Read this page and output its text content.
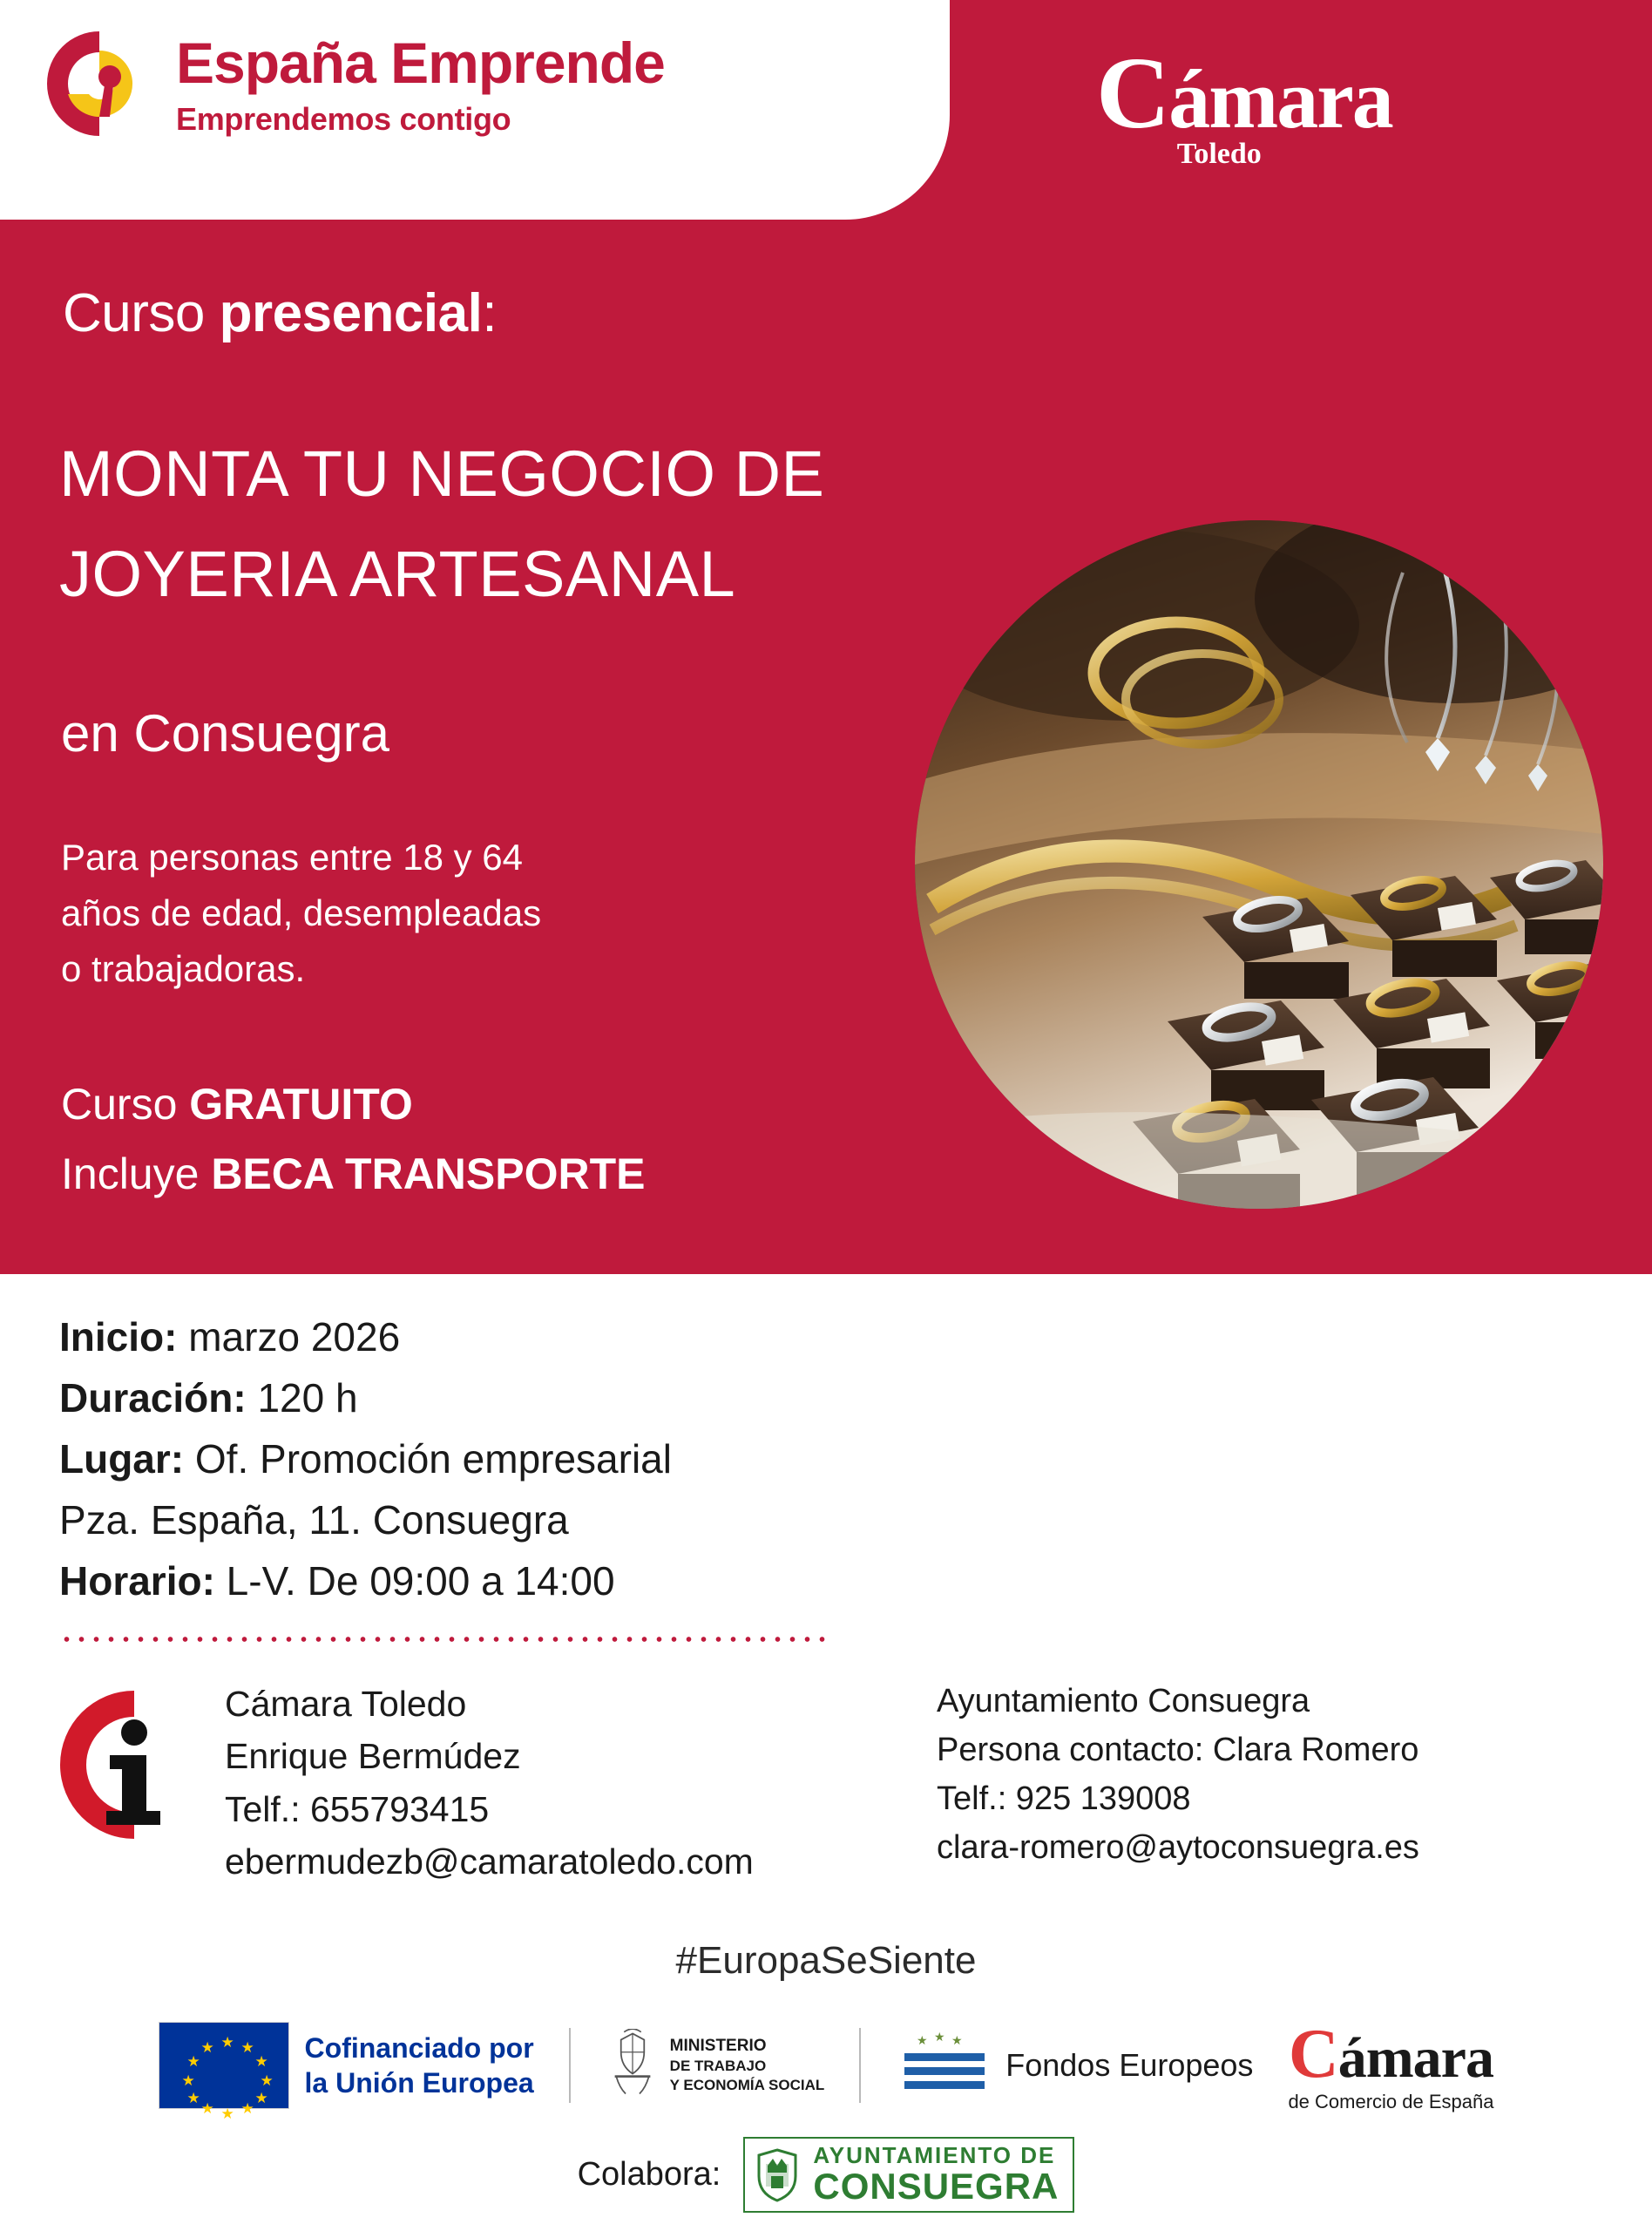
España Emprende
Emprendemos contigo	Cámara
Toledo
Curso presencial:
MONTA TU NEGOCIO DE
JOYERIA ARTESANAL
en Consuegra
Para personas entre 18 y 64
años de edad, desempleadas
o trabajadoras.
Curso GRATUITO
Incluye BECA TRANSPORTE
Inicio: marzo 2026
Duración: 120 h
Lugar: Of. Promoción empresarial
Pza. España, 11. Consuegra
Horario: L-V. De 09:00 a 14:00
Cámara Toledo
Enrique Bermúdez
Telf.: 655793415
ebermudezb@camaratoledo.com
Ayuntamiento Consuegra
Persona contacto: Clara Romero
Telf.: 925 139008
clara-romero@aytoconsuegra.es
#EuropaSeSiente
★ ★
★
★
★
★
★
★
★
★
★
★	Cofinanciado por
la Unión Europea
MINISTERIO
DE TRABAJO
Y ECONOMÍA SOCIAL
★ ★ ★
Fondos Europeos Cámara
de Comercio de España
Colabora:
AYUNTAMIENTO DE
CONSUEGRA
